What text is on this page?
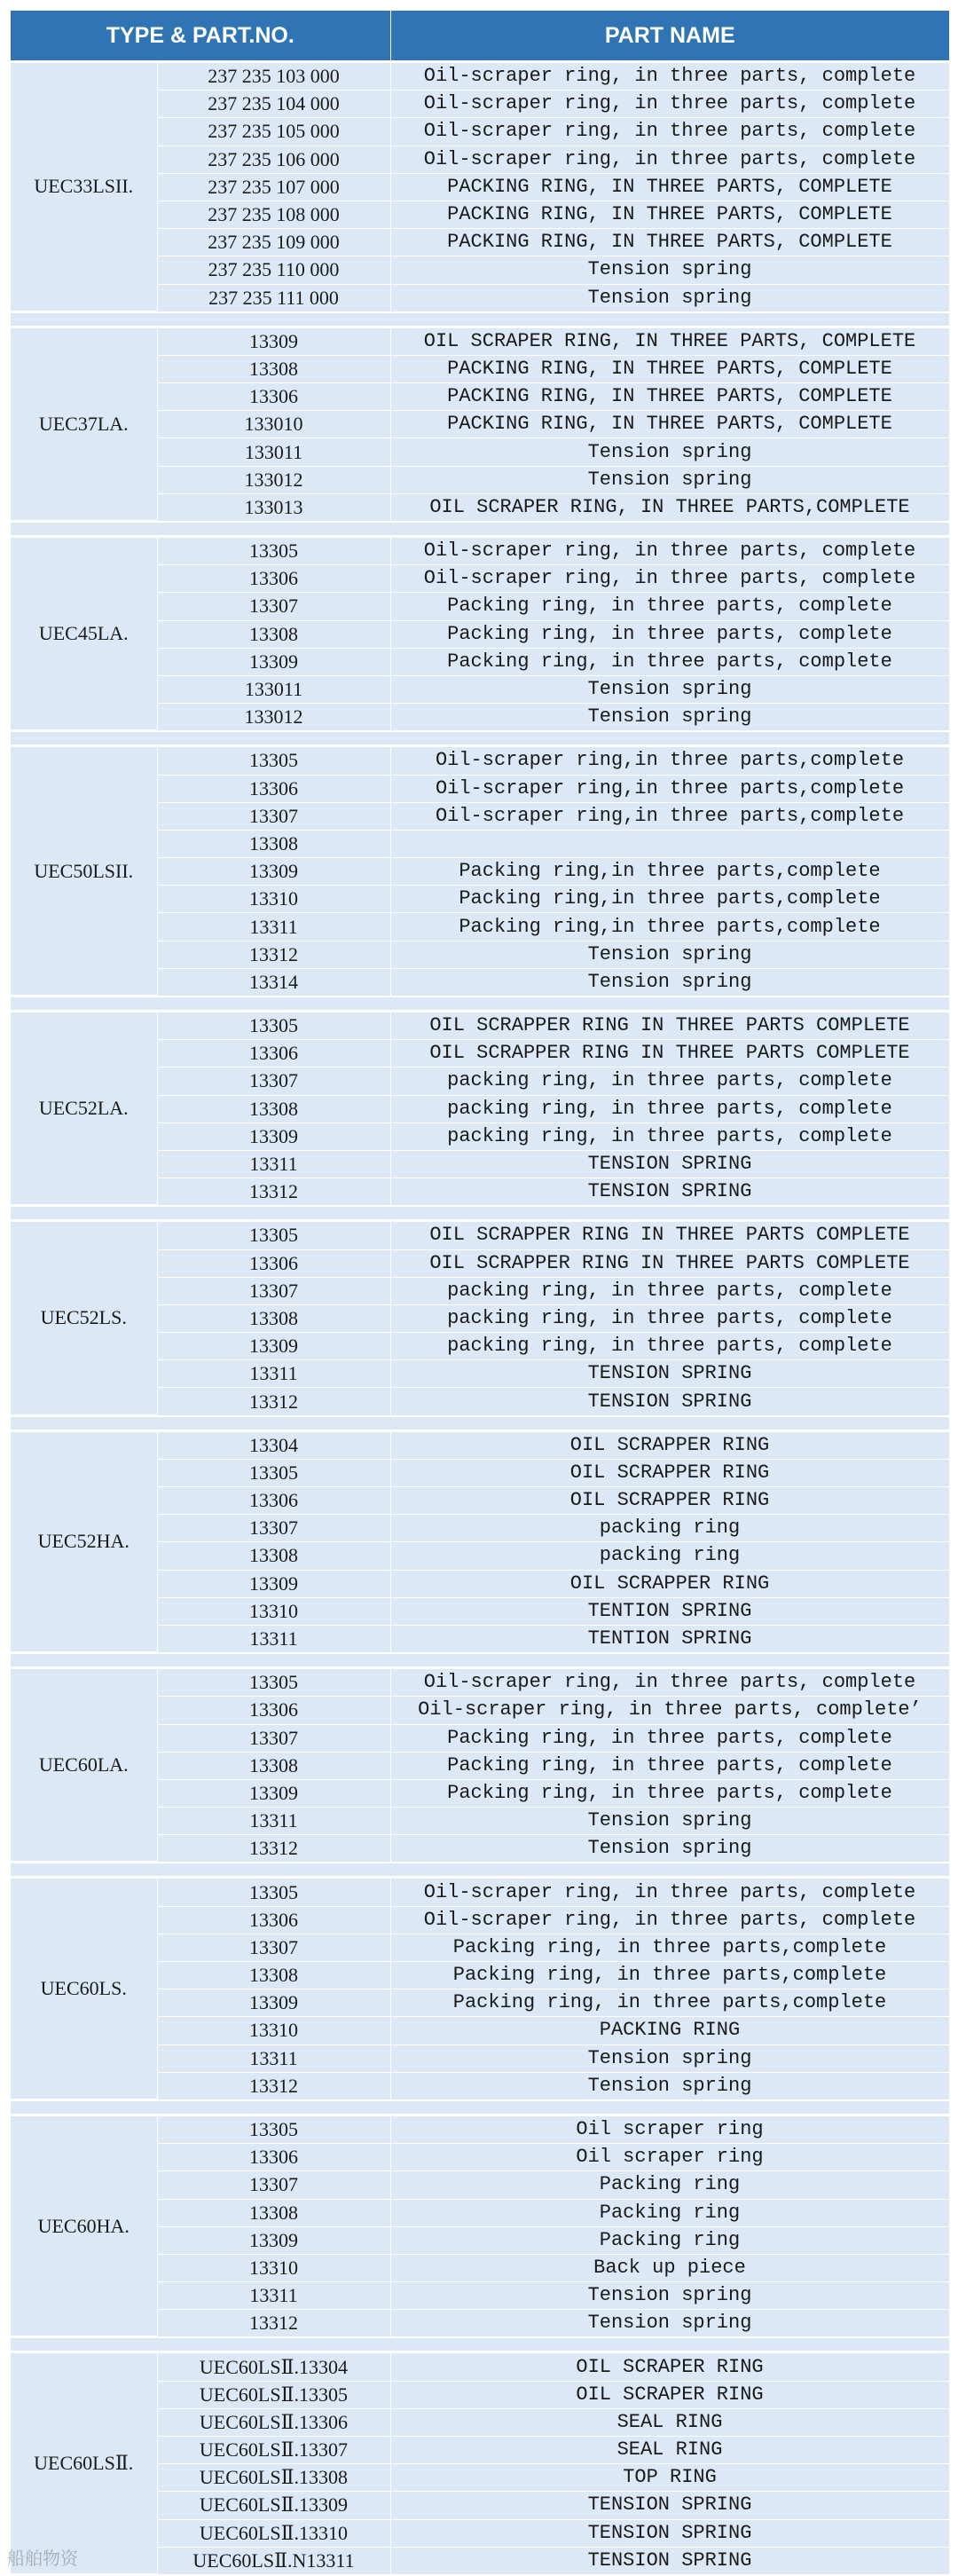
TYPE & PART.NO.		PART NAME
UEC33LSII.	237 235 103 000	Oil-scraper ring, in three parts, complete
	237 235 104 000	Oil-scraper ring, in three parts, complete
	237 235 105 000	Oil-scraper ring, in three parts, complete
	237 235 106 000	Oil-scraper ring, in three parts, complete
	237 235 107 000	PACKING RING, IN THREE PARTS, COMPLETE
	237 235 108 000	PACKING RING, IN THREE PARTS, COMPLETE
	237 235 109 000	PACKING RING, IN THREE PARTS, COMPLETE
	237 235 110 000	Tension spring
	237 235 111 000	Tension spring

UEC37LA.	13309	OIL SCRAPER RING, IN THREE PARTS, COMPLETE
	13308	PACKING RING, IN THREE PARTS, COMPLETE
	13306	PACKING RING, IN THREE PARTS, COMPLETE
	133010	PACKING RING, IN THREE PARTS, COMPLETE
	133011	Tension spring
	133012	Tension spring
	133013	OIL SCRAPER RING, IN THREE PARTS,COMPLETE

UEC45LA.	13305	Oil-scraper ring, in three parts, complete
	13306	Oil-scraper ring, in three parts, complete
	13307	Packing ring, in three parts, complete
	13308	Packing ring, in three parts, complete
	13309	Packing ring, in three parts, complete
	133011	Tension spring
	133012	Tension spring

UEC50LSII.	13305	Oil-scraper ring,in three parts,complete
	13306	Oil-scraper ring,in three parts,complete
	13307	Oil-scraper ring,in three parts,complete
	13308	
	13309	Packing ring,in three parts,complete
	13310	Packing ring,in three parts,complete
	13311	Packing ring,in three parts,complete
	13312	Tension spring
	13314	Tension spring

UEC52LA.	13305	OIL SCRAPPER RING IN THREE PARTS COMPLETE
	13306	OIL SCRAPPER RING IN THREE PARTS COMPLETE
	13307	packing ring, in three parts, complete
	13308	packing ring, in three parts, complete
	13309	packing ring, in three parts, complete
	13311	TENSION SPRING
	13312	TENSION SPRING

UEC52LS.	13305	OIL SCRAPPER RING IN THREE PARTS COMPLETE
	13306	OIL SCRAPPER RING IN THREE PARTS COMPLETE
	13307	packing ring, in three parts, complete
	13308	packing ring, in three parts, complete
	13309	packing ring, in three parts, complete
	13311	TENSION SPRING
	13312	TENSION SPRING

UEC52HA.	13304	OIL SCRAPPER RING
	13305	OIL SCRAPPER RING
	13306	OIL SCRAPPER RING
	13307	packing ring
	13308	packing ring
	13309	OIL SCRAPPER RING
	13310	TENTION SPRING
	13311	TENTION SPRING

UEC60LA.	13305	Oil-scraper ring, in three parts, complete
	13306	Oil-scraper ring, in three parts, complete’
	13307	Packing ring, in three parts, complete
	13308	Packing ring, in three parts, complete
	13309	Packing ring, in three parts, complete
	13311	Tension spring
	13312	Tension spring

UEC60LS.	13305	Oil-scraper ring, in three parts, complete
	13306	Oil-scraper ring, in three parts, complete
	13307	Packing ring, in three parts,complete
	13308	Packing ring, in three parts,complete
	13309	Packing ring, in three parts,complete
	13310	PACKING RING
	13311	Tension spring
	13312	Tension spring

UEC60HA.	13305	Oil scraper ring
	13306	Oil scraper ring
	13307	Packing ring
	13308	Packing ring
	13309	Packing ring
	13310	Back up piece
	13311	Tension spring
	13312	Tension spring

UEC60LSⅡ.	UEC60LSⅡ.13304	OIL SCRAPER RING
	UEC60LSⅡ.13305	OIL SCRAPER RING
	UEC60LSⅡ.13306	SEAL RING
	UEC60LSⅡ.13307	SEAL RING
	UEC60LSⅡ.13308	TOP RING
	UEC60LSⅡ.13309	TENSION SPRING
	UEC60LSⅡ.13310	TENSION SPRING
	UEC60LSⅡ.N13311	TENSION SPRING
船舶物资
